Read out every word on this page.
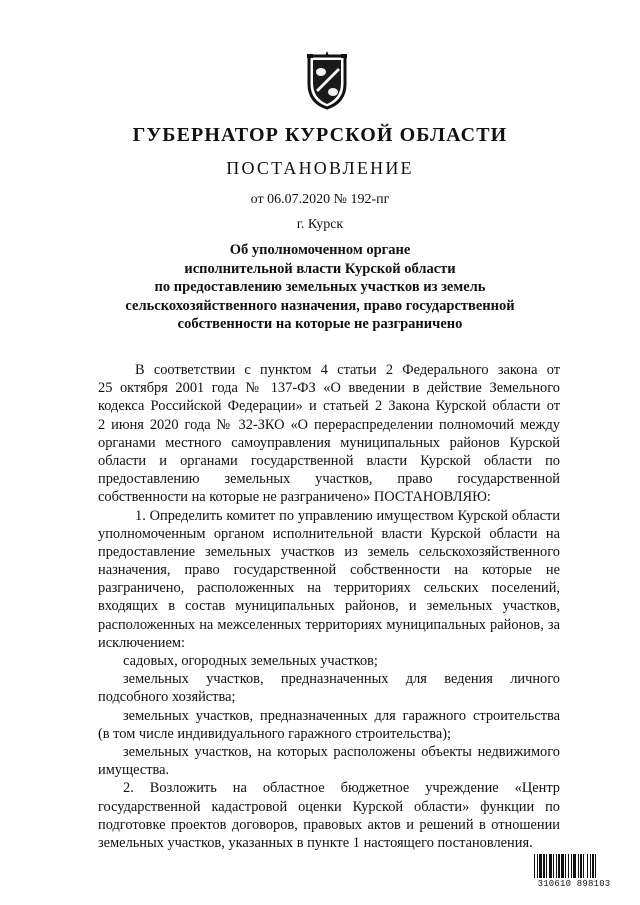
ГУБЕРНАТОР КУРСКОЙ ОБЛАСТИ
ПОСТАНОВЛЕНИЕ
от 06.07.2020 № 192-пг
г. Курск
Об уполномоченном органе
исполнительной власти Курской области
по предоставлению земельных участков из земель
сельскохозяйственного назначения, право государственной
собственности на которые не разграничено
В соответствии с пунктом 4 статьи 2 Федерального закона от
25 октября 2001 года № 137-ФЗ «О введении в действие Земельного
кодекса Российской Федерации» и статьей 2 Закона Курской области от
2 июня 2020 года № 32-ЗКО «О перераспределении полномочий между
органами местного самоуправления муниципальных районов Курской
области и органами государственной власти Курской области по
предоставлению земельных участков, право государственной
собственности на которые не разграничено» ПОСТАНОВЛЯЮ:
1. Определить комитет по управлению имуществом Курской области
уполномоченным органом исполнительной власти Курской области на
предоставление земельных участков из земель сельскохозяйственного
назначения, право государственной собственности на которые не
разграничено, расположенных на территориях сельских поселений,
входящих в состав муниципальных районов, и земельных участков,
расположенных на межселенных территориях муниципальных районов, за
исключением:
садовых, огородных земельных участков;
земельных участков, предназначенных для ведения личного
подсобного хозяйства;
земельных участков, предназначенных для гаражного строительства
(в том числе индивидуального гаражного строительства);
земельных участков, на которых расположены объекты недвижимого
имущества.
2. Возложить на областное бюджетное учреждение «Центр
государственной кадастровой оценки Курской области» функции по
подготовке проектов договоров, правовых актов и решений в отношении
земельных участков, указанных в пункте 1 настоящего постановления.
310610 898103
